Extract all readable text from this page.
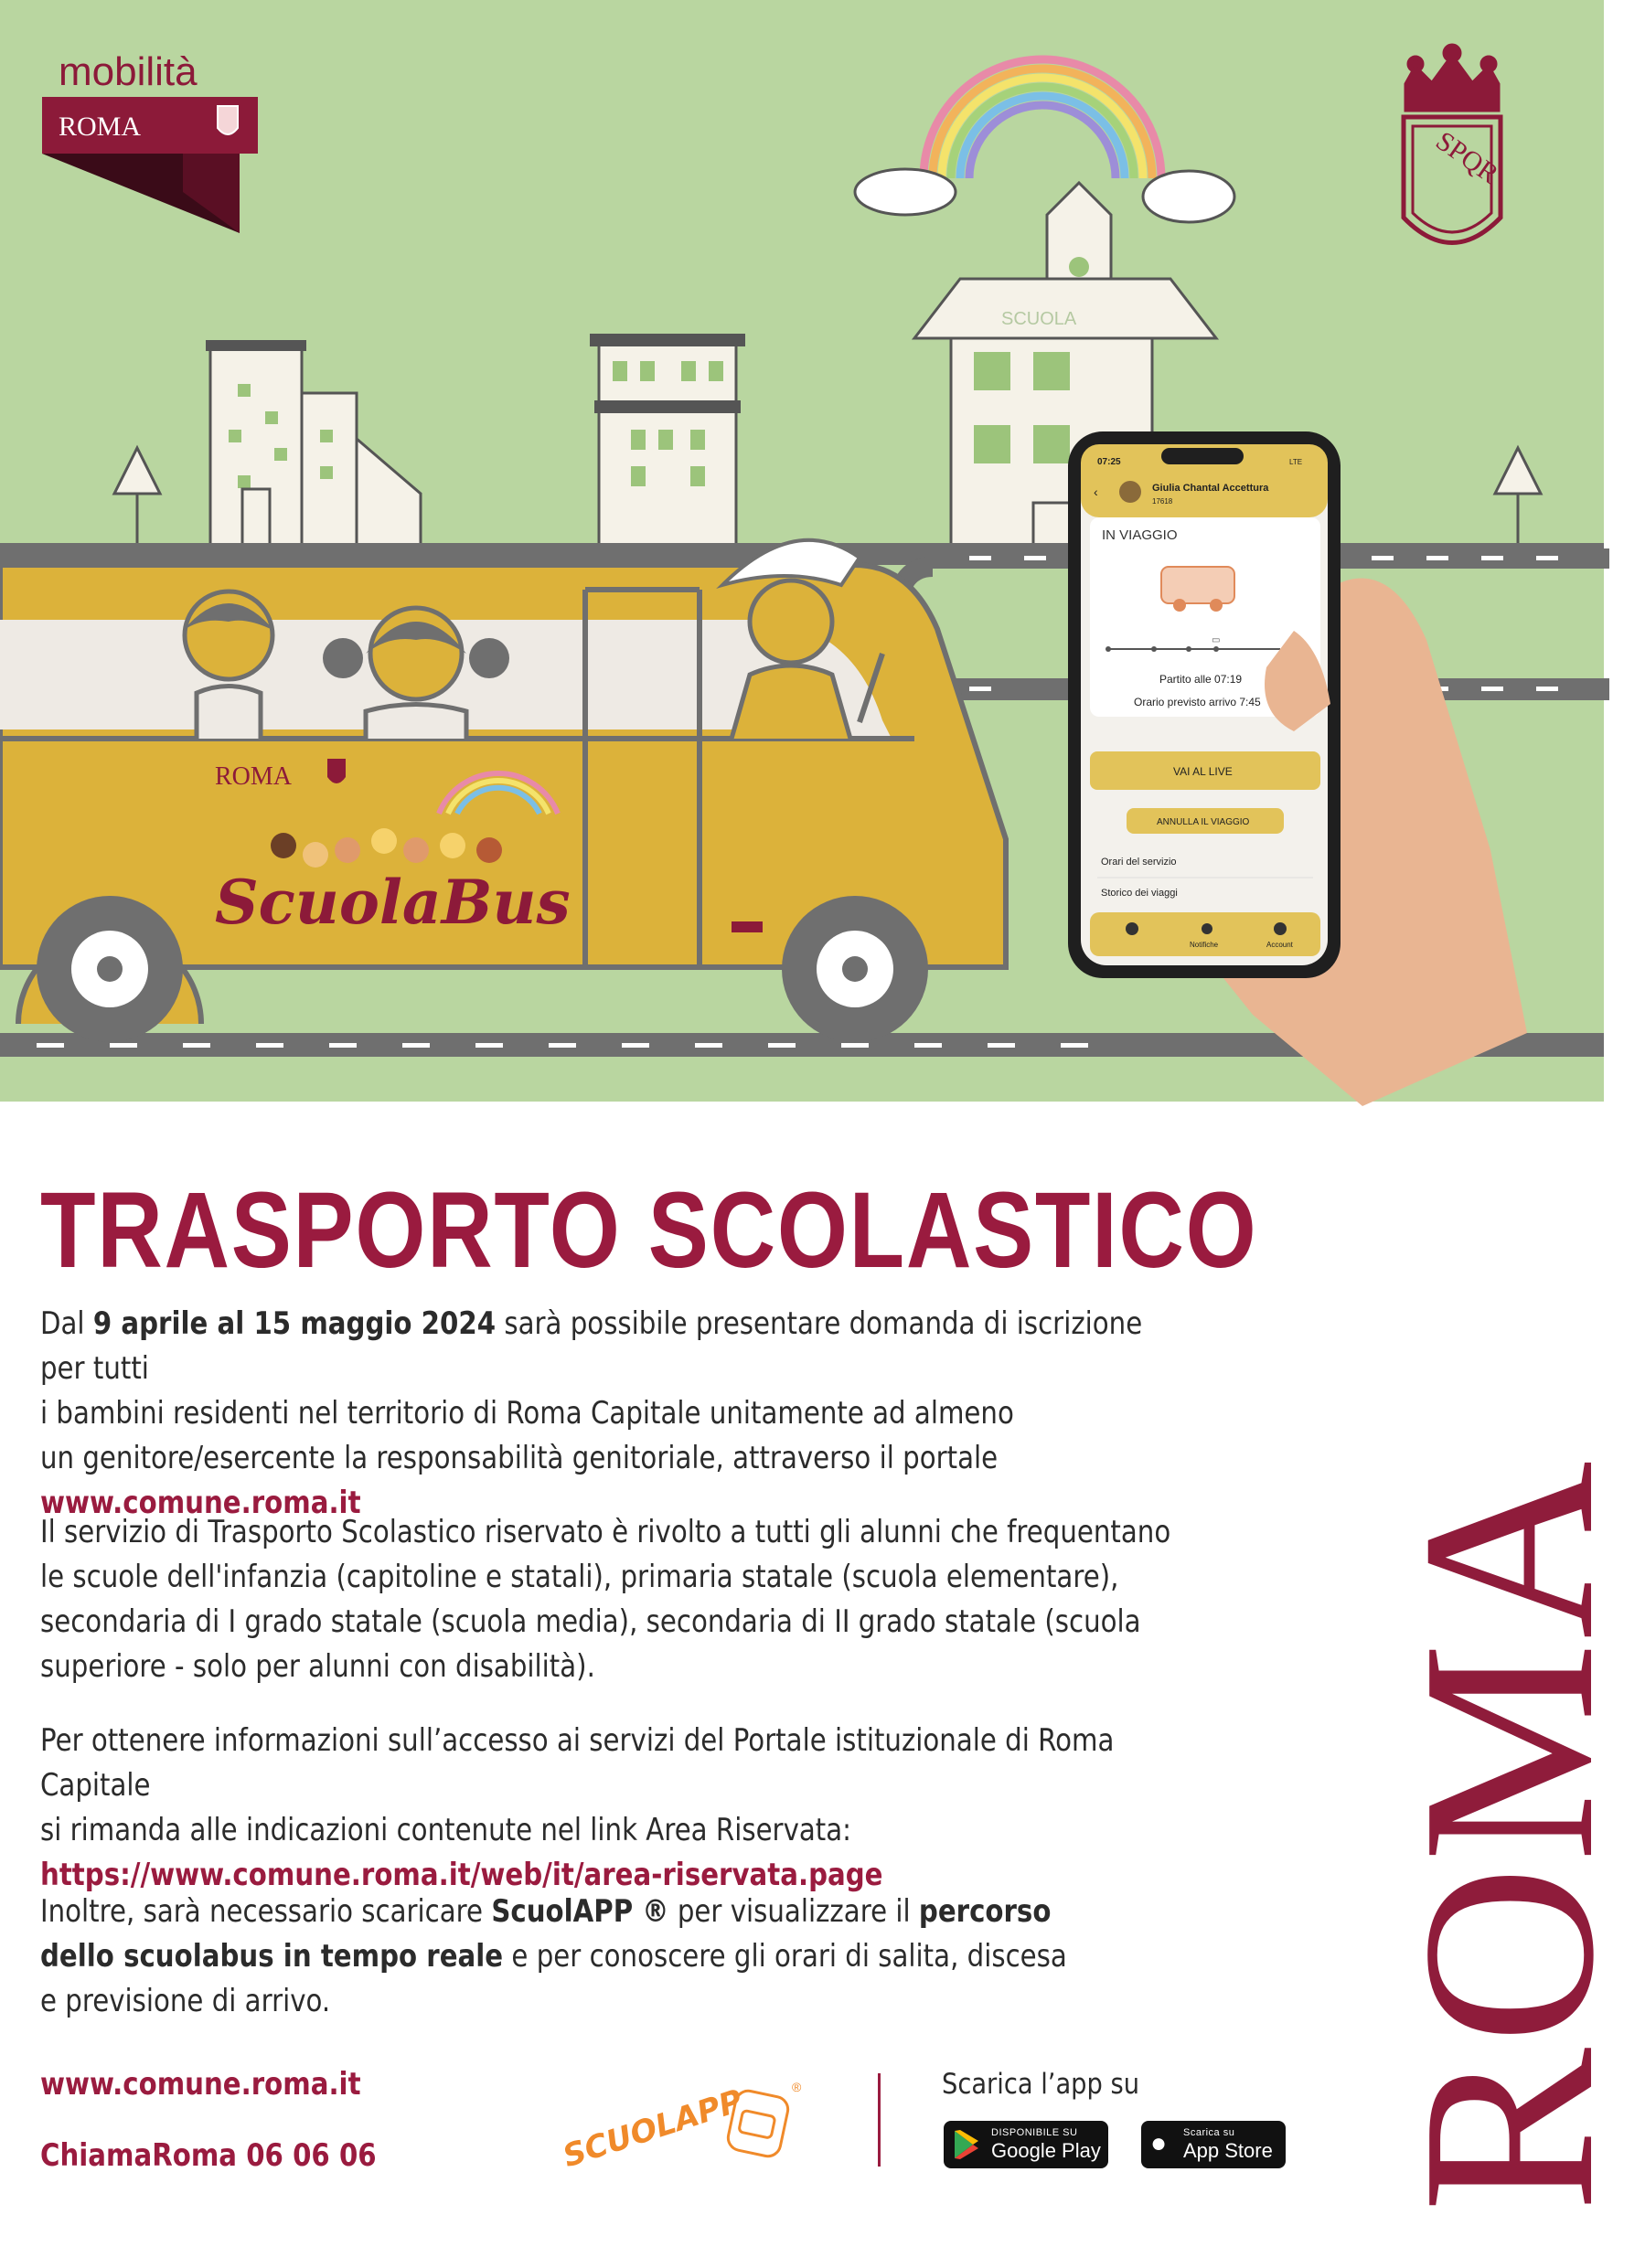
mobilità
ROMA	SPQR
SCUOLA
ROMA
ScuolaBus
07:25	LTE
‹	Giulia Chantal Accettura
17618
IN VIAGGIO
▭
Partito alle 07:19
Orario previsto arrivo 7:45
VAI AL LIVE
ANNULLA IL VIAGGIO
Orari del servizio
Storico dei viaggi
Notifiche	Account
TRASPORTO SCOLASTICO
Dal 9 aprile al 15 maggio 2024 sarà possibile presentare domanda di iscrizione per tutti
i bambini residenti nel territorio di Roma Capitale unitamente ad almeno
un genitore/esercente la responsabilità genitoriale, attraverso il portale
www.comune.roma.it
Il servizio di Trasporto Scolastico riservato è rivolto a tutti gli alunni che frequentano
le scuole dell'infanzia (capitoline e statali), primaria statale (scuola elementare),
secondaria di I grado statale (scuola media), secondaria di II grado statale (scuola
superiore - solo per alunni con disabilità).
Per ottenere informazioni sull’accesso ai servizi del Portale istituzionale di Roma Capitale
si rimanda alle indicazioni contenute nel link Area Riservata:
https://www.comune.roma.it/web/it/area-riservata.page
Inoltre, sarà necessario scaricare ScuolAPP ® per visualizzare il percorso
dello scuolabus in tempo reale e per conoscere gli orari di salita, discesa
e previsione di arrivo.
www.comune.roma.it
ChiamaRoma 06 06 06	SCUOLAPP	®	Scarica l’app su
DISPONIBILE SU
Google Play ● Scarica su
App Store ROMA
